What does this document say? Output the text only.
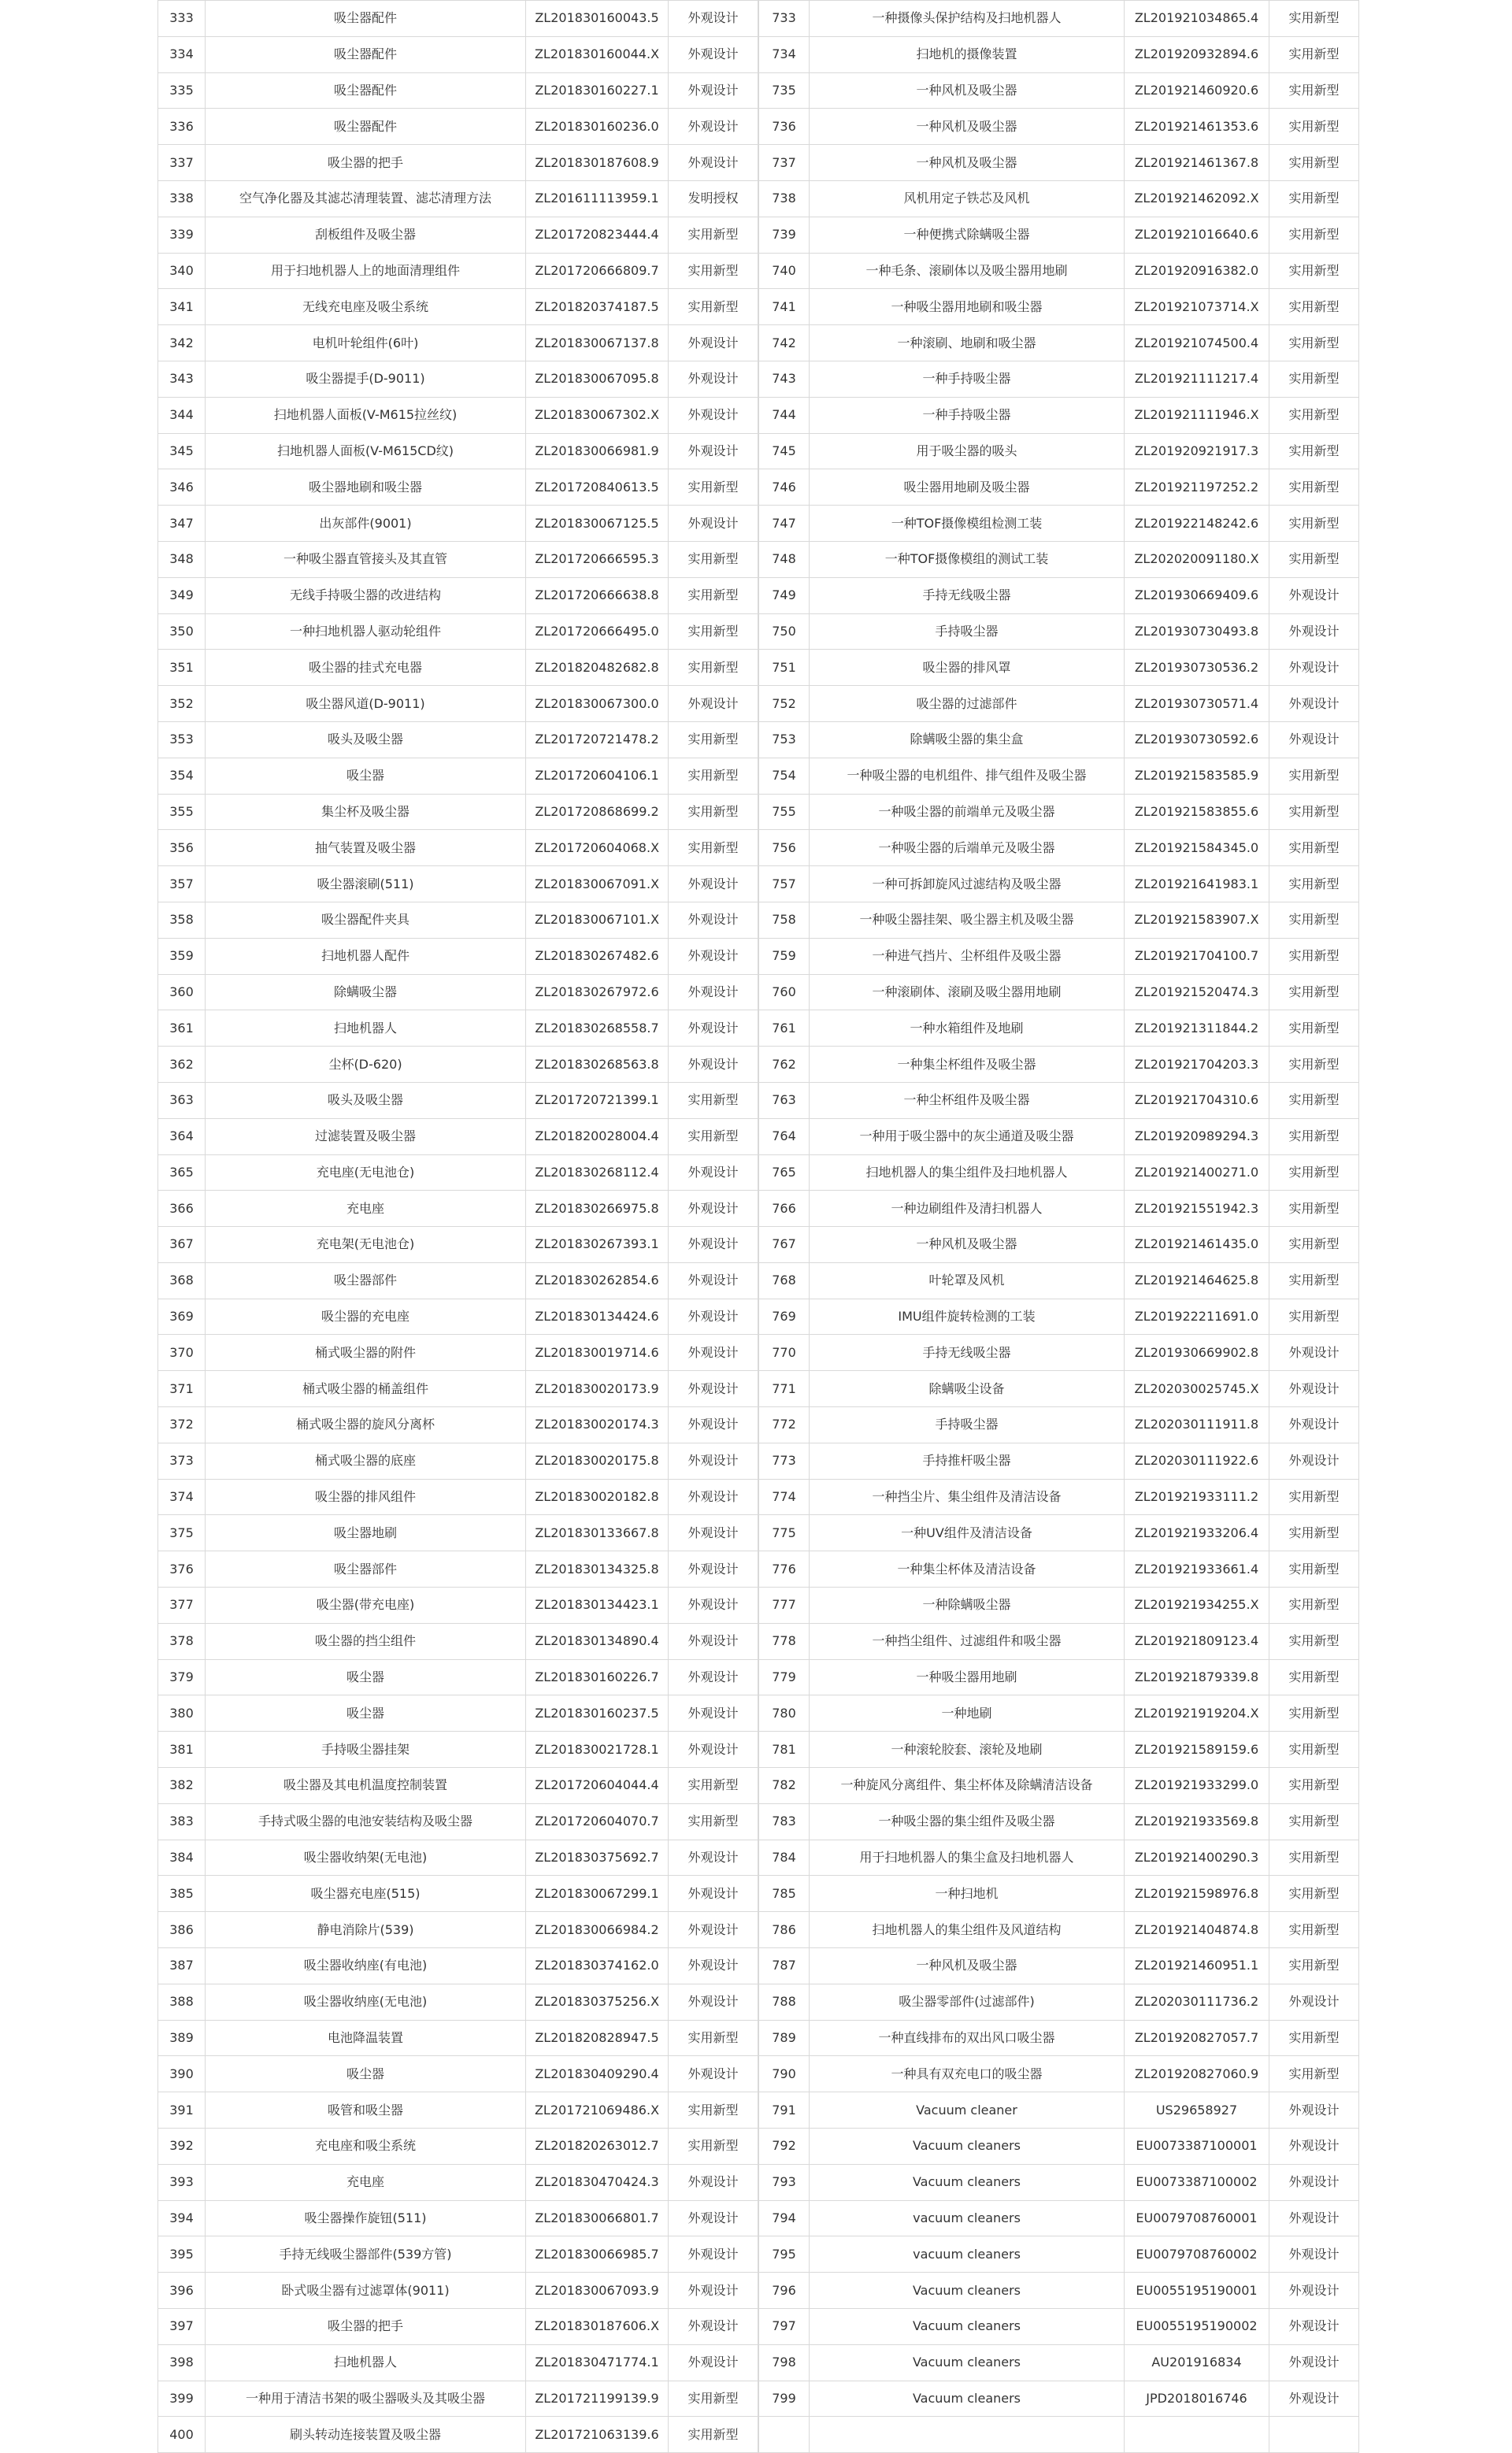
333	吸尘器配件	ZL201830160043.5	外观设计
334	吸尘器配件	ZL201830160044.X	外观设计
335	吸尘器配件	ZL201830160227.1	外观设计
336	吸尘器配件	ZL201830160236.0	外观设计
337	吸尘器的把手	ZL201830187608.9	外观设计
338	空气净化器及其滤芯清理装置、滤芯清理方法	ZL201611113959.1	发明授权
339	刮板组件及吸尘器	ZL201720823444.4	实用新型
340	用于扫地机器人上的地面清理组件	ZL201720666809.7	实用新型
341	无线充电座及吸尘系统	ZL201820374187.5	实用新型
342	电机叶轮组件(6叶)	ZL201830067137.8	外观设计
343	吸尘器提手(D-9011)	ZL201830067095.8	外观设计
344	扫地机器人面板(V-M615拉丝纹)	ZL201830067302.X	外观设计
345	扫地机器人面板(V-M615CD纹)	ZL201830066981.9	外观设计
346	吸尘器地刷和吸尘器	ZL201720840613.5	实用新型
347	出灰部件(9001)	ZL201830067125.5	外观设计
348	一种吸尘器直管接头及其直管	ZL201720666595.3	实用新型
349	无线手持吸尘器的改进结构	ZL201720666638.8	实用新型
350	一种扫地机器人驱动轮组件	ZL201720666495.0	实用新型
351	吸尘器的挂式充电器	ZL201820482682.8	实用新型
352	吸尘器风道(D-9011)	ZL201830067300.0	外观设计
353	吸头及吸尘器	ZL201720721478.2	实用新型
354	吸尘器	ZL201720604106.1	实用新型
355	集尘杯及吸尘器	ZL201720868699.2	实用新型
356	抽气装置及吸尘器	ZL201720604068.X	实用新型
357	吸尘器滚刷(511)	ZL201830067091.X	外观设计
358	吸尘器配件夹具	ZL201830067101.X	外观设计
359	扫地机器人配件	ZL201830267482.6	外观设计
360	除螨吸尘器	ZL201830267972.6	外观设计
361	扫地机器人	ZL201830268558.7	外观设计
362	尘杯(D-620)	ZL201830268563.8	外观设计
363	吸头及吸尘器	ZL201720721399.1	实用新型
364	过滤装置及吸尘器	ZL201820028004.4	实用新型
365	充电座(无电池仓)	ZL201830268112.4	外观设计
366	充电座	ZL201830266975.8	外观设计
367	充电架(无电池仓)	ZL201830267393.1	外观设计
368	吸尘器部件	ZL201830262854.6	外观设计
369	吸尘器的充电座	ZL201830134424.6	外观设计
370	桶式吸尘器的附件	ZL201830019714.6	外观设计
371	桶式吸尘器的桶盖组件	ZL201830020173.9	外观设计
372	桶式吸尘器的旋风分离杯	ZL201830020174.3	外观设计
373	桶式吸尘器的底座	ZL201830020175.8	外观设计
374	吸尘器的排风组件	ZL201830020182.8	外观设计
375	吸尘器地刷	ZL201830133667.8	外观设计
376	吸尘器部件	ZL201830134325.8	外观设计
377	吸尘器(带充电座)	ZL201830134423.1	外观设计
378	吸尘器的挡尘组件	ZL201830134890.4	外观设计
379	吸尘器	ZL201830160226.7	外观设计
380	吸尘器	ZL201830160237.5	外观设计
381	手持吸尘器挂架	ZL201830021728.1	外观设计
382	吸尘器及其电机温度控制装置	ZL201720604044.4	实用新型
383	手持式吸尘器的电池安装结构及吸尘器	ZL201720604070.7	实用新型
384	吸尘器收纳架(无电池)	ZL201830375692.7	外观设计
385	吸尘器充电座(515)	ZL201830067299.1	外观设计
386	静电消除片(539)	ZL201830066984.2	外观设计
387	吸尘器收纳座(有电池)	ZL201830374162.0	外观设计
388	吸尘器收纳座(无电池)	ZL201830375256.X	外观设计
389	电池降温装置	ZL201820828947.5	实用新型
390	吸尘器	ZL201830409290.4	外观设计
391	吸管和吸尘器	ZL201721069486.X	实用新型
392	充电座和吸尘系统	ZL201820263012.7	实用新型
393	充电座	ZL201830470424.3	外观设计
394	吸尘器操作旋钮(511)	ZL201830066801.7	外观设计
395	手持无线吸尘器部件(539方管)	ZL201830066985.7	外观设计
396	卧式吸尘器有过滤罩体(9011)	ZL201830067093.9	外观设计
397	吸尘器的把手	ZL201830187606.X	外观设计
398	扫地机器人	ZL201830471774.1	外观设计
399	一种用于清洁书架的吸尘器吸头及其吸尘器	ZL201721199139.9	实用新型
400	刷头转动连接装置及吸尘器	ZL201721063139.6	实用新型
733	一种摄像头保护结构及扫地机器人	ZL201921034865.4	实用新型
734	扫地机的摄像装置	ZL201920932894.6	实用新型
735	一种风机及吸尘器	ZL201921460920.6	实用新型
736	一种风机及吸尘器	ZL201921461353.6	实用新型
737	一种风机及吸尘器	ZL201921461367.8	实用新型
738	风机用定子铁芯及风机	ZL201921462092.X	实用新型
739	一种便携式除螨吸尘器	ZL201921016640.6	实用新型
740	一种毛条、滚刷体以及吸尘器用地刷	ZL201920916382.0	实用新型
741	一种吸尘器用地刷和吸尘器	ZL201921073714.X	实用新型
742	一种滚刷、地刷和吸尘器	ZL201921074500.4	实用新型
743	一种手持吸尘器	ZL201921111217.4	实用新型
744	一种手持吸尘器	ZL201921111946.X	实用新型
745	用于吸尘器的吸头	ZL201920921917.3	实用新型
746	吸尘器用地刷及吸尘器	ZL201921197252.2	实用新型
747	一种TOF摄像模组检测工装	ZL201922148242.6	实用新型
748	一种TOF摄像模组的测试工装	ZL202020091180.X	实用新型
749	手持无线吸尘器	ZL201930669409.6	外观设计
750	手持吸尘器	ZL201930730493.8	外观设计
751	吸尘器的排风罩	ZL201930730536.2	外观设计
752	吸尘器的过滤部件	ZL201930730571.4	外观设计
753	除螨吸尘器的集尘盒	ZL201930730592.6	外观设计
754	一种吸尘器的电机组件、排气组件及吸尘器	ZL201921583585.9	实用新型
755	一种吸尘器的前端单元及吸尘器	ZL201921583855.6	实用新型
756	一种吸尘器的后端单元及吸尘器	ZL201921584345.0	实用新型
757	一种可拆卸旋风过滤结构及吸尘器	ZL201921641983.1	实用新型
758	一种吸尘器挂架、吸尘器主机及吸尘器	ZL201921583907.X	实用新型
759	一种进气挡片、尘杯组件及吸尘器	ZL201921704100.7	实用新型
760	一种滚刷体、滚刷及吸尘器用地刷	ZL201921520474.3	实用新型
761	一种水箱组件及地刷	ZL201921311844.2	实用新型
762	一种集尘杯组件及吸尘器	ZL201921704203.3	实用新型
763	一种尘杯组件及吸尘器	ZL201921704310.6	实用新型
764	一种用于吸尘器中的灰尘通道及吸尘器	ZL201920989294.3	实用新型
765	扫地机器人的集尘组件及扫地机器人	ZL201921400271.0	实用新型
766	一种边刷组件及清扫机器人	ZL201921551942.3	实用新型
767	一种风机及吸尘器	ZL201921461435.0	实用新型
768	叶轮罩及风机	ZL201921464625.8	实用新型
769	IMU组件旋转检测的工装	ZL201922211691.0	实用新型
770	手持无线吸尘器	ZL201930669902.8	外观设计
771	除螨吸尘设备	ZL202030025745.X	外观设计
772	手持吸尘器	ZL202030111911.8	外观设计
773	手持推杆吸尘器	ZL202030111922.6	外观设计
774	一种挡尘片、集尘组件及清洁设备	ZL201921933111.2	实用新型
775	一种UV组件及清洁设备	ZL201921933206.4	实用新型
776	一种集尘杯体及清洁设备	ZL201921933661.4	实用新型
777	一种除螨吸尘器	ZL201921934255.X	实用新型
778	一种挡尘组件、过滤组件和吸尘器	ZL201921809123.4	实用新型
779	一种吸尘器用地刷	ZL201921879339.8	实用新型
780	一种地刷	ZL201921919204.X	实用新型
781	一种滚轮胶套、滚轮及地刷	ZL201921589159.6	实用新型
782	一种旋风分离组件、集尘杯体及除螨清洁设备	ZL201921933299.0	实用新型
783	一种吸尘器的集尘组件及吸尘器	ZL201921933569.8	实用新型
784	用于扫地机器人的集尘盒及扫地机器人	ZL201921400290.3	实用新型
785	一种扫地机	ZL201921598976.8	实用新型
786	扫地机器人的集尘组件及风道结构	ZL201921404874.8	实用新型
787	一种风机及吸尘器	ZL201921460951.1	实用新型
788	吸尘器零部件(过滤部件)	ZL202030111736.2	外观设计
789	一种直线排布的双出风口吸尘器	ZL201920827057.7	实用新型
790	一种具有双充电口的吸尘器	ZL201920827060.9	实用新型
791	Vacuum cleaner	US29658927	外观设计
792	Vacuum cleaners	EU0073387100001	外观设计
793	Vacuum cleaners	EU0073387100002	外观设计
794	vacuum cleaners	EU0079708760001	外观设计
795	vacuum cleaners	EU0079708760002	外观设计
796	Vacuum cleaners	EU0055195190001	外观设计
797	Vacuum cleaners	EU0055195190002	外观设计
798	Vacuum cleaners	AU201916834	外观设计
799	Vacuum cleaners	JPD2018016746	外观设计
